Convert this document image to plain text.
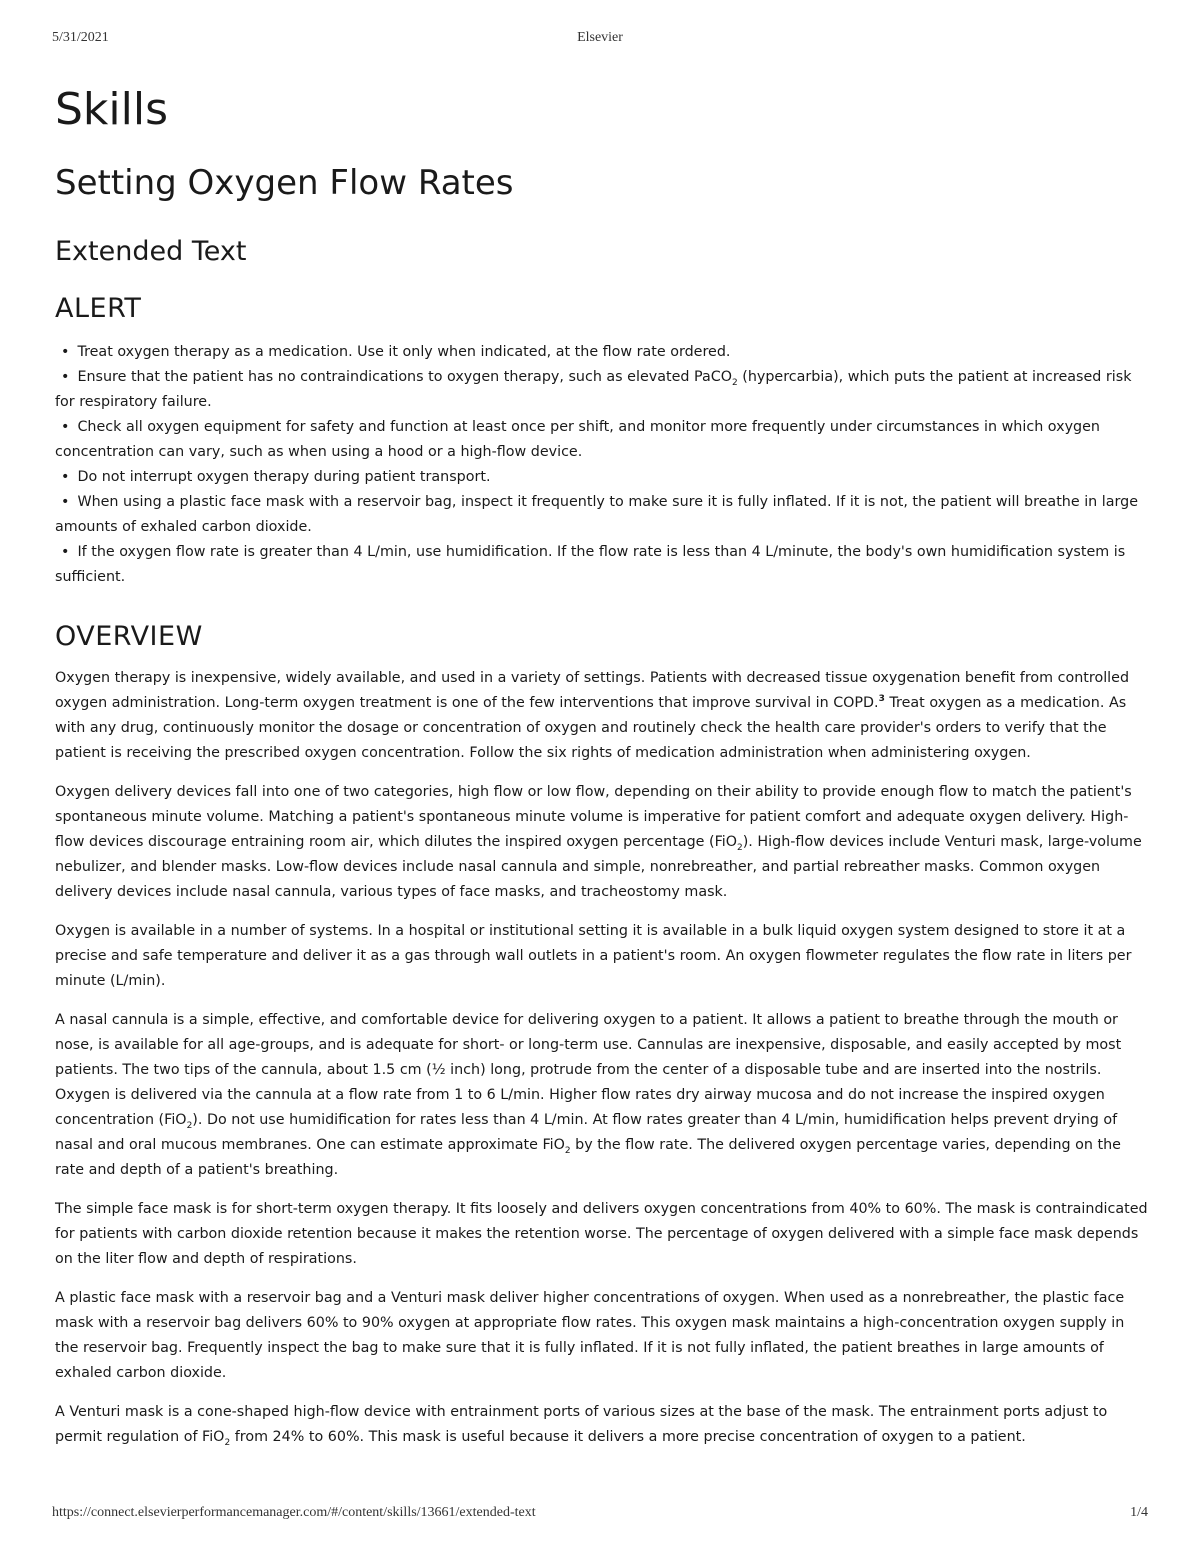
5/31/2021	Elsevier
Skills
Setting Oxygen Flow Rates
Extended Text
ALERT
• Treat oxygen therapy as a medication. Use it only when indicated, at the flow rate ordered.
• Ensure that the patient has no contraindications to oxygen therapy, such as elevated PaCO$_2$ (hypercarbia), which puts the patient at increased risk for respiratory failure.
• Check all oxygen equipment for safety and function at least once per shift, and monitor more frequently under circumstances in which oxygen concentration can vary, such as when using a hood or a high-flow device.
• Do not interrupt oxygen therapy during patient transport.
• When using a plastic face mask with a reservoir bag, inspect it frequently to make sure it is fully inflated. If it is not, the patient will breathe in large amounts of exhaled carbon dioxide.
• If the oxygen flow rate is greater than 4 L/min, use humidification. If the flow rate is less than 4 L/minute, the body's own humidification system is sufficient.
OVERVIEW

Oxygen therapy is inexpensive, widely available, and used in a variety of settings. Patients with decreased tissue oxygenation benefit from controlled oxygen administration. Long-term oxygen treatment is one of the few interventions that improve survival in COPD.$^3$ Treat oxygen as a medication. As with any drug, continuously monitor the dosage or concentration of oxygen and routinely check the health care provider's orders to verify that the patient is receiving the prescribed oxygen concentration. Follow the six rights of medication administration when administering oxygen.

Oxygen delivery devices fall into one of two categories, high flow or low flow, depending on their ability to provide enough flow to match the patient's spontaneous minute volume. Matching a patient's spontaneous minute volume is imperative for patient comfort and adequate oxygen delivery. High-flow devices discourage entraining room air, which dilutes the inspired oxygen percentage (FiO$_2$). High-flow devices include Venturi mask, large-volume nebulizer, and blender masks. Low-flow devices include nasal cannula and simple, nonrebreather, and partial rebreather masks. Common oxygen delivery devices include nasal cannula, various types of face masks, and tracheostomy mask.

Oxygen is available in a number of systems. In a hospital or institutional setting it is available in a bulk liquid oxygen system designed to store it at a precise and safe temperature and deliver it as a gas through wall outlets in a patient's room. An oxygen flowmeter regulates the flow rate in liters per minute (L/min).

A nasal cannula is a simple, effective, and comfortable device for delivering oxygen to a patient. It allows a patient to breathe through the mouth or nose, is available for all age-groups, and is adequate for short- or long-term use. Cannulas are inexpensive, disposable, and easily accepted by most patients. The two tips of the cannula, about 1.5 cm (½ inch) long, protrude from the center of a disposable tube and are inserted into the nostrils. Oxygen is delivered via the cannula at a flow rate from 1 to 6 L/min. Higher flow rates dry airway mucosa and do not increase the inspired oxygen concentration (FiO$_2$). Do not use humidification for rates less than 4 L/min. At flow rates greater than 4 L/min, humidification helps prevent drying of nasal and oral mucous membranes. One can estimate approximate FiO$_2$ by the flow rate. The delivered oxygen percentage varies, depending on the rate and depth of a patient's breathing.

The simple face mask is for short-term oxygen therapy. It fits loosely and delivers oxygen concentrations from 40% to 60%. The mask is contraindicated for patients with carbon dioxide retention because it makes the retention worse. The percentage of oxygen delivered with a simple face mask depends on the liter flow and depth of respirations.

A plastic face mask with a reservoir bag and a Venturi mask deliver higher concentrations of oxygen. When used as a nonrebreather, the plastic face mask with a reservoir bag delivers 60% to 90% oxygen at appropriate flow rates. This oxygen mask maintains a high-concentration oxygen supply in the reservoir bag. Frequently inspect the bag to make sure that it is fully inflated. If it is not fully inflated, the patient breathes in large amounts of exhaled carbon dioxide.

A Venturi mask is a cone-shaped high-flow device with entrainment ports of various sizes at the base of the mask. The entrainment ports adjust to permit regulation of FiO$_2$ from 24% to 60%. This mask is useful because it delivers a more precise concentration of oxygen to a patient.

https://connect.elsevierperformancemanager.com/#/content/skills/13661/extended-text	1/4
